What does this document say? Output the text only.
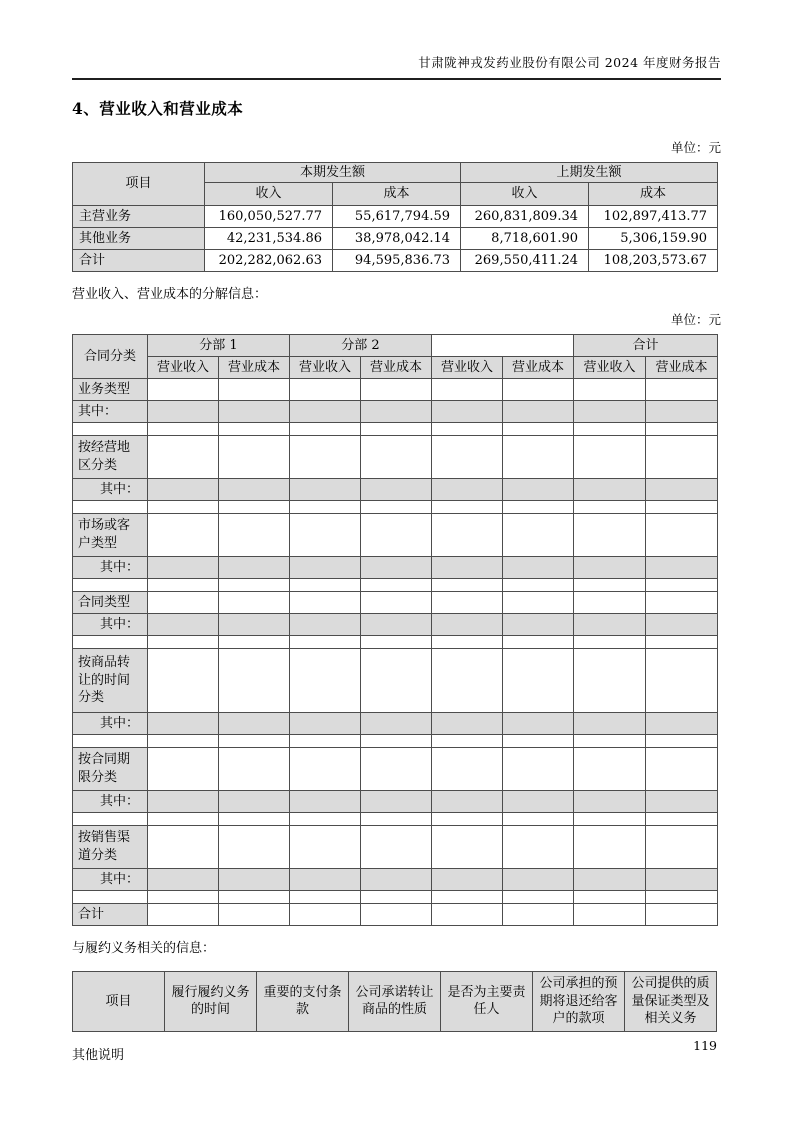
甘肃陇神戎发药业股份有限公司 2024 年度财务报告
4、营业收入和营业成本
单位：元
项目	本期发生额		上期发生额	
	收入	成本	收入	成本
主营业务	160,050,527.77	55,617,794.59	260,831,809.34	102,897,413.77
其他业务	42,231,534.86	38,978,042.14	8,718,601.90	5,306,159.90
合计	202,282,062.63	94,595,836.73	269,550,411.24	108,203,573.67
营业收入、营业成本的分解信息：
单位：元
合同分类	分部 1		分部 2				合计	
	营业收入	营业成本	营业收入	营业成本	营业收入	营业成本	营业收入	营业成本
业务类型								
其中：								

按经营地区分类								
其中：								

市场或客户类型								
其中：								

合同类型								
其中：								

按商品转让的时间分类								
其中：								

按合同期限分类								
其中：								

按销售渠道分类								
其中：								

合计								
与履约义务相关的信息：
项目	履行履约义务的时间	重要的支付条款	公司承诺转让商品的性质	是否为主要责任人	公司承担的预期将退还给客户的款项	公司提供的质量保证类型及相关义务
其他说明
119
